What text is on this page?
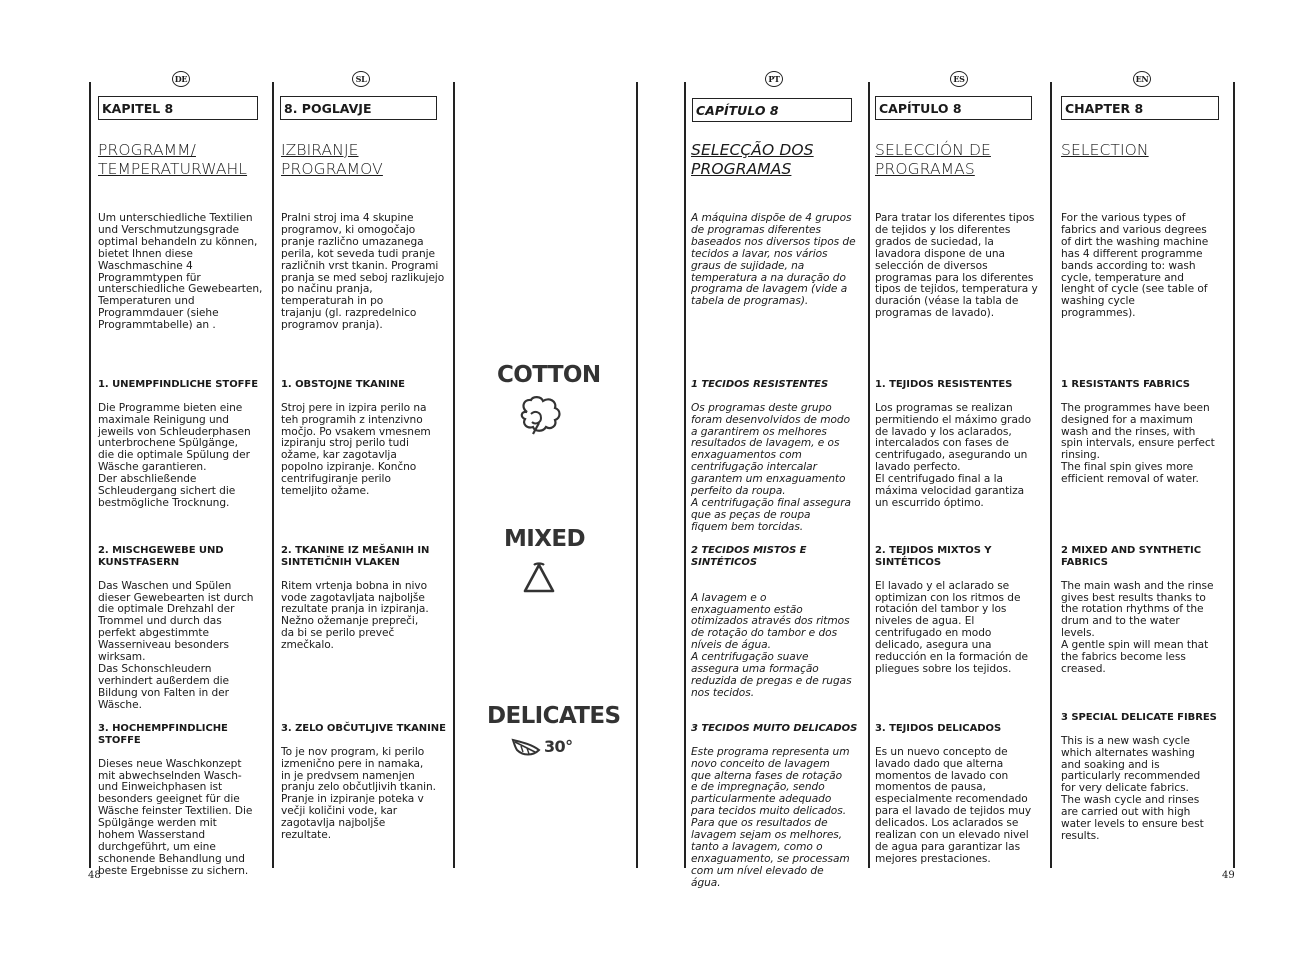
DE
KAPITEL 8
PROGRAMM/
TEMPERATURWAHL
Um unterschiedliche Textilien
und Verschmutzungsgrade
optimal behandeln zu können,
bietet Ihnen diese
Waschmaschine 4
Programmtypen für
unterschiedliche Gewebearten,
Temperaturen und
Programmdauer (siehe
Programmtabelle) an .

1. UNEMPFINDLICHE STOFFE

Die Programme bieten eine
maximale Reinigung und
jeweils von Schleuderphasen
unterbrochene Spülgänge,
die die optimale Spülung der
Wäsche garantieren.
Der abschließende
Schleudergang sichert die
bestmögliche Trocknung.

2. MISCHGEWEBE UND
KUNSTFASERN

Das Waschen und Spülen
dieser Gewebearten ist durch
die optimale Drehzahl der
Trommel und durch das
perfekt abgestimmte
Wasserniveau besonders
wirksam.
Das Schonschleudern
verhindert außerdem die
Bildung von Falten in der
Wäsche.

3. HOCHEMPFINDLICHE STOFFE

Dieses neue Waschkonzept
mit abwechselnden Wasch-
und Einweichphasen ist
besonders geeignet für die
Wäsche feinster Textilien. Die
Spülgänge werden mit
hohem Wasserstand
durchgeführt, um eine
schonende Behandlung und
beste Ergebnisse zu sichern.

SL
8. POGLAVJE
IZBIRANJE
PROGRAMOV
Pralni stroj ima 4 skupine
programov, ki omogočajo
pranje različno umazanega
perila, kot seveda tudi pranje
različnih vrst tkanin. Programi
pranja se med seboj razlikujejo
po načinu pranja,
temperaturah in po
trajanju (gl. razpredelnico
programov pranja).

1. OBSTOJNE TKANINE

Stroj pere in izpira perilo na
teh programih z intenzivno
močjo. Po vsakem vmesnem
izpiranju stroj perilo tudi
ožame, kar zagotavlja
popolno izpiranje. Končno
centrifugiranje perilo
temeljito ožame.

2. TKANINE IZ MEŠANIH IN
SINTETIČNIH VLAKEN

Ritem vrtenja bobna in nivo
vode zagotavljata najboljše
rezultate pranja in izpiranja.
Nežno ožemanje prepreči,
da bi se perilo preveč
zmečkalo.

3. ZELO OBČUTLJIVE TKANINE

To je nov program, ki perilo
izmenično pere in namaka,
in je predvsem namenjen
pranju zelo občutljivih tkanin.
Pranje in izpiranje poteka v
večji količini vode, kar
zagotavlja najboljše
rezultate.

COTTON
MIXED
DELICATES
30°
PT
CAPÍTULO 8
SELECÇÃO DOS
PROGRAMAS
A máquina dispõe de 4 grupos
de programas diferentes
baseados nos diversos tipos de
tecidos a lavar, nos vários
graus de sujidade, na
temperatura a na duração do
programa de lavagem (vide a
tabela de programas).

1 TECIDOS RESISTENTES

Os programas deste grupo
foram desenvolvidos de modo
a garantirem os melhores
resultados de lavagem, e os
enxaguamentos com
centrifugação intercalar
garantem um enxaguamento
perfeito da roupa.
A centrifugação final assegura
que as peças de roupa
fiquem bem torcidas.

2 TECIDOS MISTOS E SINTÉTICOS

A lavagem e o
enxaguamento estão
otimizados através dos ritmos
de rotação do tambor e dos
níveis de água.
A centrifugação suave
assegura uma formação
reduzida de pregas e de rugas
nos tecidos.

3 TECIDOS MUITO DELICADOS

Este programa representa um
novo conceito de lavagem
que alterna fases de rotação
e de impregnação, sendo
particularmente adequado
para tecidos muito delicados.
Para que os resultados de
lavagem sejam os melhores,
tanto a lavagem, como o
enxaguamento, se processam
com um nível elevado de
água.

ES
CAPÍTULO 8
SELECCIÓN DE
PROGRAMAS
Para tratar los diferentes tipos
de tejidos y los diferentes
grados de suciedad, la
lavadora dispone de una
selección de diversos
programas para los diferentes
tipos de tejidos, temperatura y
duración (véase la tabla de
programas de lavado).

1. TEJIDOS RESISTENTES

Los programas se realizan
permitiendo el máximo grado
de lavado y los aclarados,
intercalados con fases de
centrifugado, asegurando un
lavado perfecto.
El centrifugado final a la
máxima velocidad garantiza
un escurrido óptimo.

2. TEJIDOS MIXTOS Y
SINTÉTICOS

El lavado y el aclarado se
optimizan con los ritmos de
rotación del tambor y los
niveles de agua. El
centrifugado en modo
delicado, asegura una
reducción en la formación de
pliegues sobre los tejidos.

3. TEJIDOS DELICADOS

Es un nuevo concepto de
lavado dado que alterna
momentos de lavado con
momentos de pausa,
especialmente recomendado
para el lavado de tejidos muy
delicados. Los aclarados se
realizan con un elevado nivel
de agua para garantizar las
mejores prestaciones.

EN
CHAPTER 8
SELECTION
For the various types of
fabrics and various degrees
of dirt the washing machine
has 4 different programme
bands according to: wash
cycle, temperature and
lenght of cycle (see table of
washing cycle
programmes).

1 RESISTANTS FABRICS

The programmes have been
designed for a maximum
wash and the rinses, with
spin intervals, ensure perfect
rinsing.
The final spin gives more
efficient removal of water.

2 MIXED AND SYNTHETIC
FABRICS

The main wash and the rinse
gives best results thanks to
the rotation rhythms of the
drum and to the water
levels.
A gentle spin will mean that
the fabrics become less
creased.

3 SPECIAL DELICATE FIBRES

This is a new wash cycle
which alternates washing
and soaking and is
particularly recommended
for very delicate fabrics.
The wash cycle and rinses
are carried out with high
water levels to ensure best
results.

48	49
